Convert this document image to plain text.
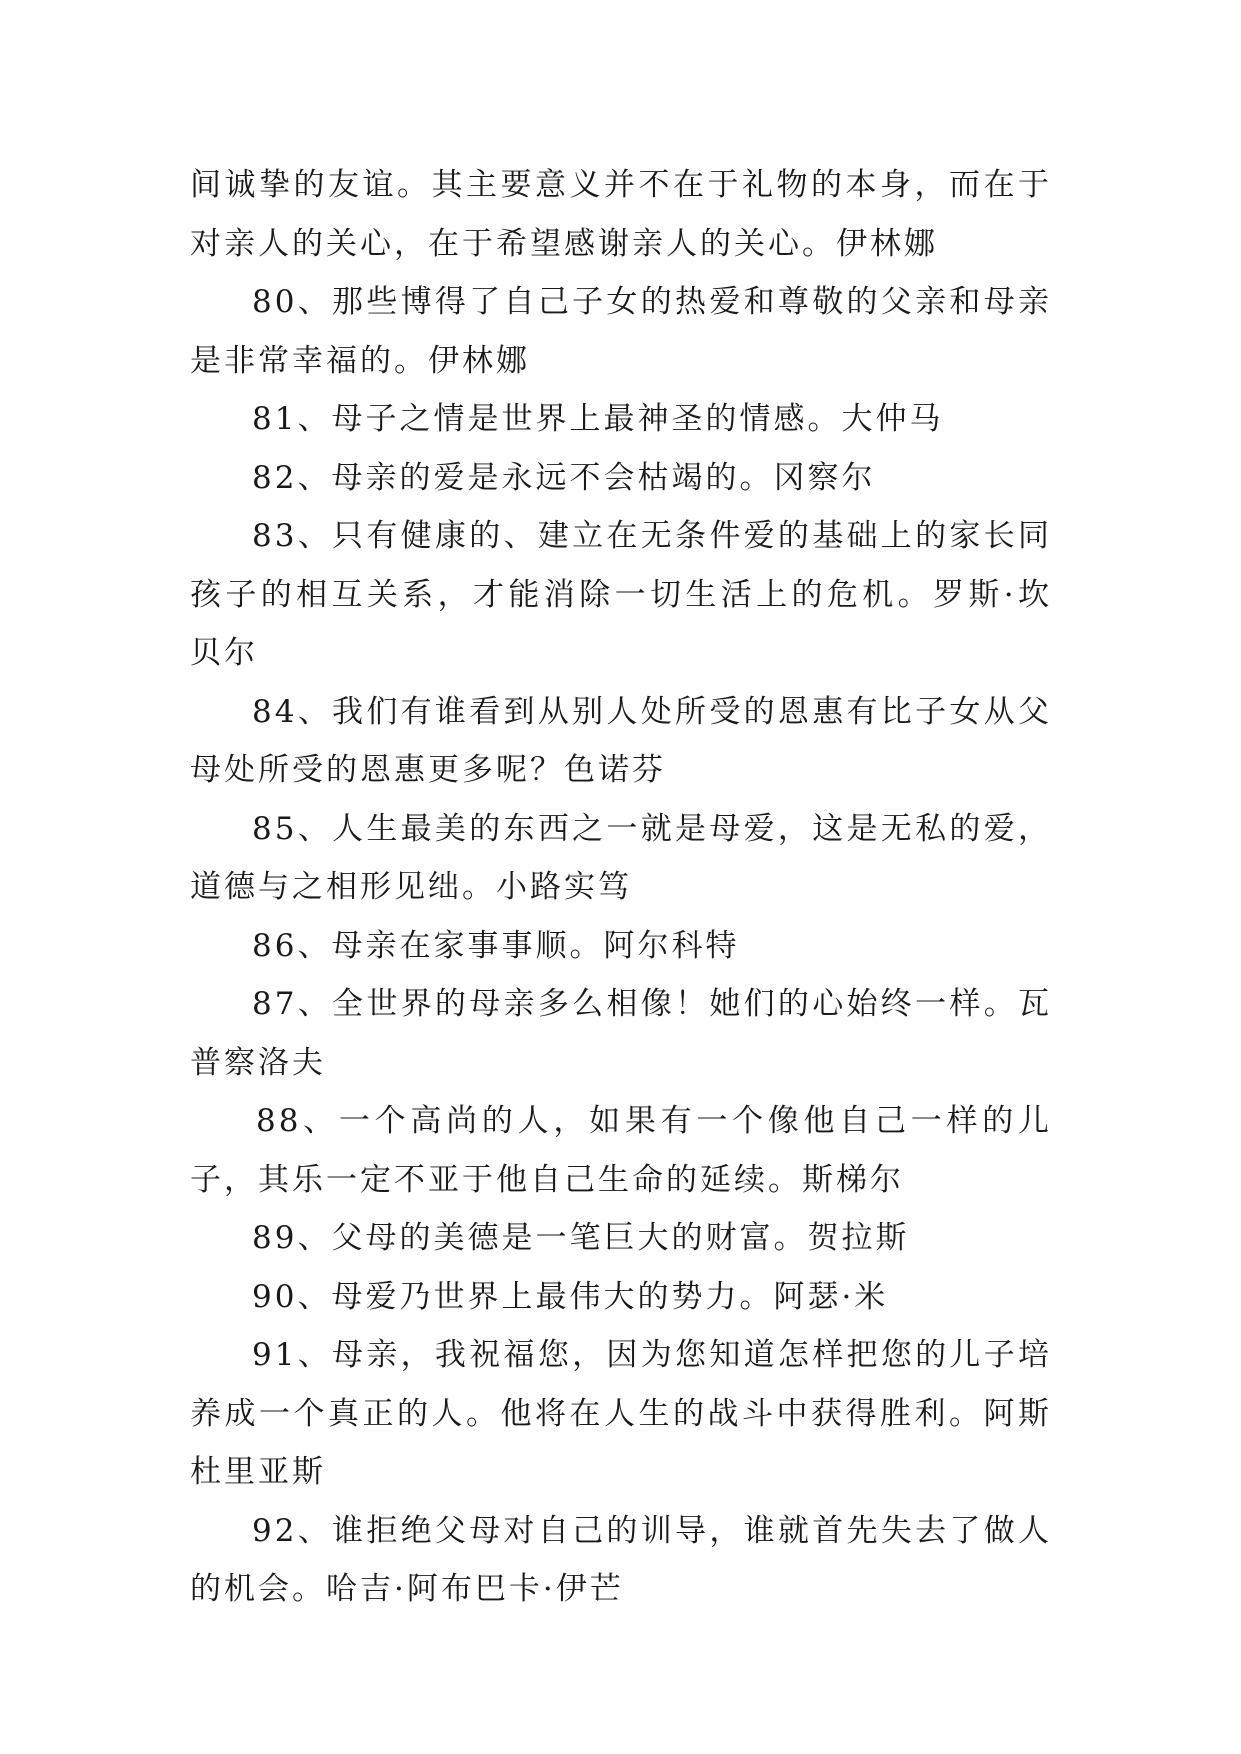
间诚挚的友谊。其主要意义并不在于礼物的本身，而在于对亲人的关心，在于希望感谢亲人的关心。伊林娜

80、那些博得了自己子女的热爱和尊敬的父亲和母亲是非常幸福的。伊林娜

81、母子之情是世界上最神圣的情感。大仲马

82、母亲的爱是永远不会枯竭的。冈察尔

83、只有健康的、建立在无条件爱的基础上的家长同孩子的相互关系，才能消除一切生活上的危机。罗斯·坎贝尔

84、我们有谁看到从别人处所受的恩惠有比子女从父母处所受的恩惠更多呢？色诺芬

85、人生最美的东西之一就是母爱，这是无私的爱，道德与之相形见绌。小路实笃

86、母亲在家事事顺。阿尔科特

87、全世界的母亲多么相像！她们的心始终一样。瓦普察洛夫

88、一个高尚的人，如果有一个像他自己一样的儿子，其乐一定不亚于他自己生命的延续。斯梯尔

89、父母的美德是一笔巨大的财富。贺拉斯

90、母爱乃世界上最伟大的势力。阿瑟·米

91、母亲，我祝福您，因为您知道怎样把您的儿子培养成一个真正的人。他将在人生的战斗中获得胜利。阿斯杜里亚斯

92、谁拒绝父母对自己的训导，谁就首先失去了做人的机会。哈吉·阿布巴卡·伊芒
